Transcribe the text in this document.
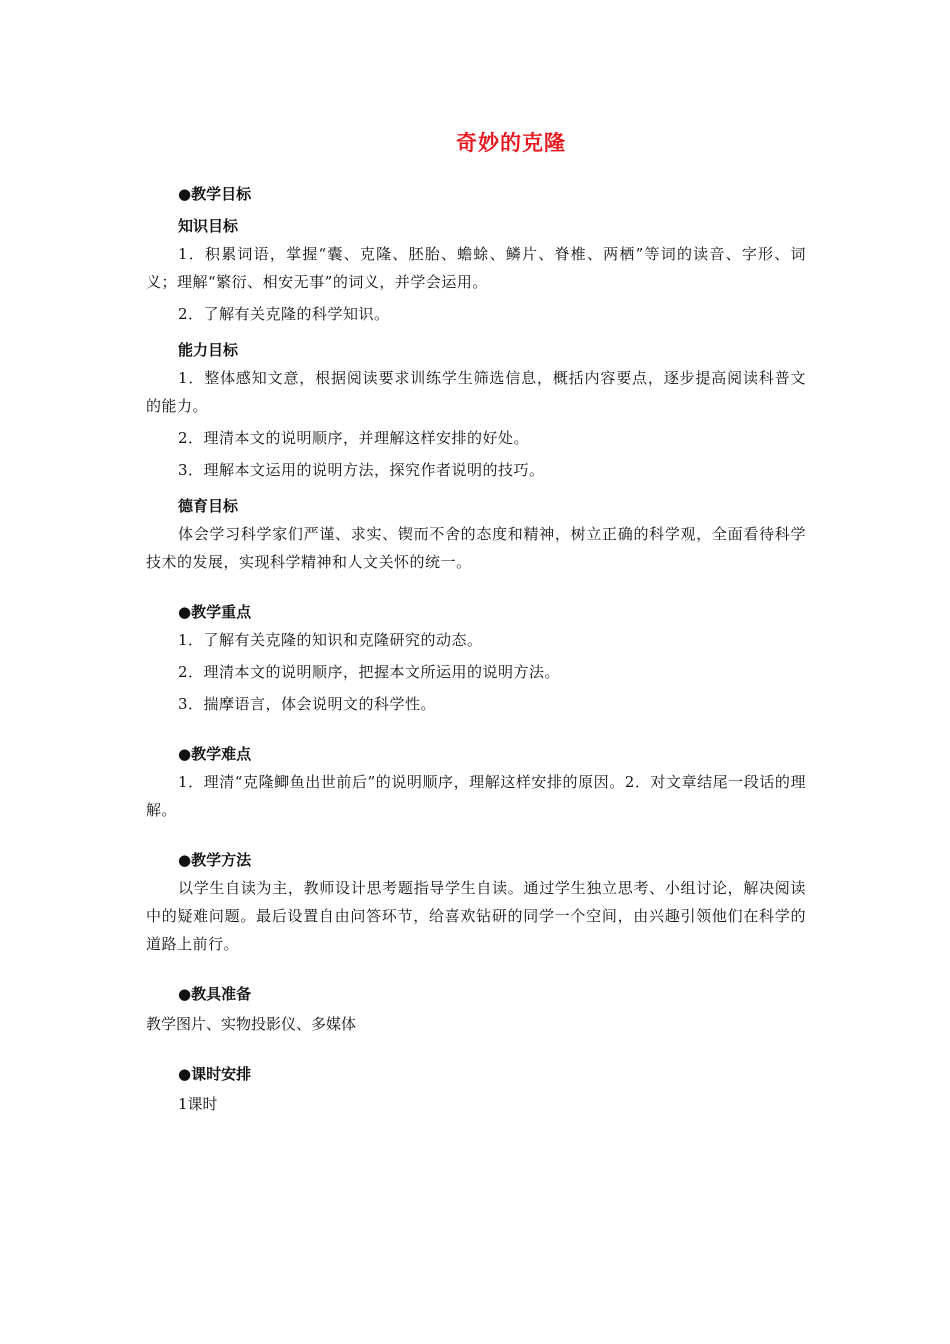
奇妙的克隆

●教学目标

知识目标

1．积累词语，掌握“囊、克隆、胚胎、蟾蜍、鳞片、脊椎、两栖”等词的读音、字形、词义；理解“繁衍、相安无事”的词义，并学会运用。

2．了解有关克隆的科学知识。

能力目标

1．整体感知文意，根据阅读要求训练学生筛选信息，概括内容要点，逐步提高阅读科普文的能力。

2．理清本文的说明顺序，并理解这样安排的好处。

3．理解本文运用的说明方法，探究作者说明的技巧。

德育目标

体会学习科学家们严谨、求实、锲而不舍的态度和精神，树立正确的科学观，全面看待科学技术的发展，实现科学精神和人文关怀的统一。

●教学重点

1．了解有关克隆的知识和克隆研究的动态。

2．理清本文的说明顺序，把握本文所运用的说明方法。

3．揣摩语言，体会说明文的科学性。

●教学难点

1．理清“克隆鲫鱼出世前后”的说明顺序，理解这样安排的原因。2．对文章结尾一段话的理解。

●教学方法

以学生自读为主，教师设计思考题指导学生自读。通过学生独立思考、小组讨论，解决阅读中的疑难问题。最后设置自由问答环节，给喜欢钻研的同学一个空间，由兴趣引领他们在科学的道路上前行。

●教具准备

教学图片、实物投影仪、多媒体

●课时安排

1课时
